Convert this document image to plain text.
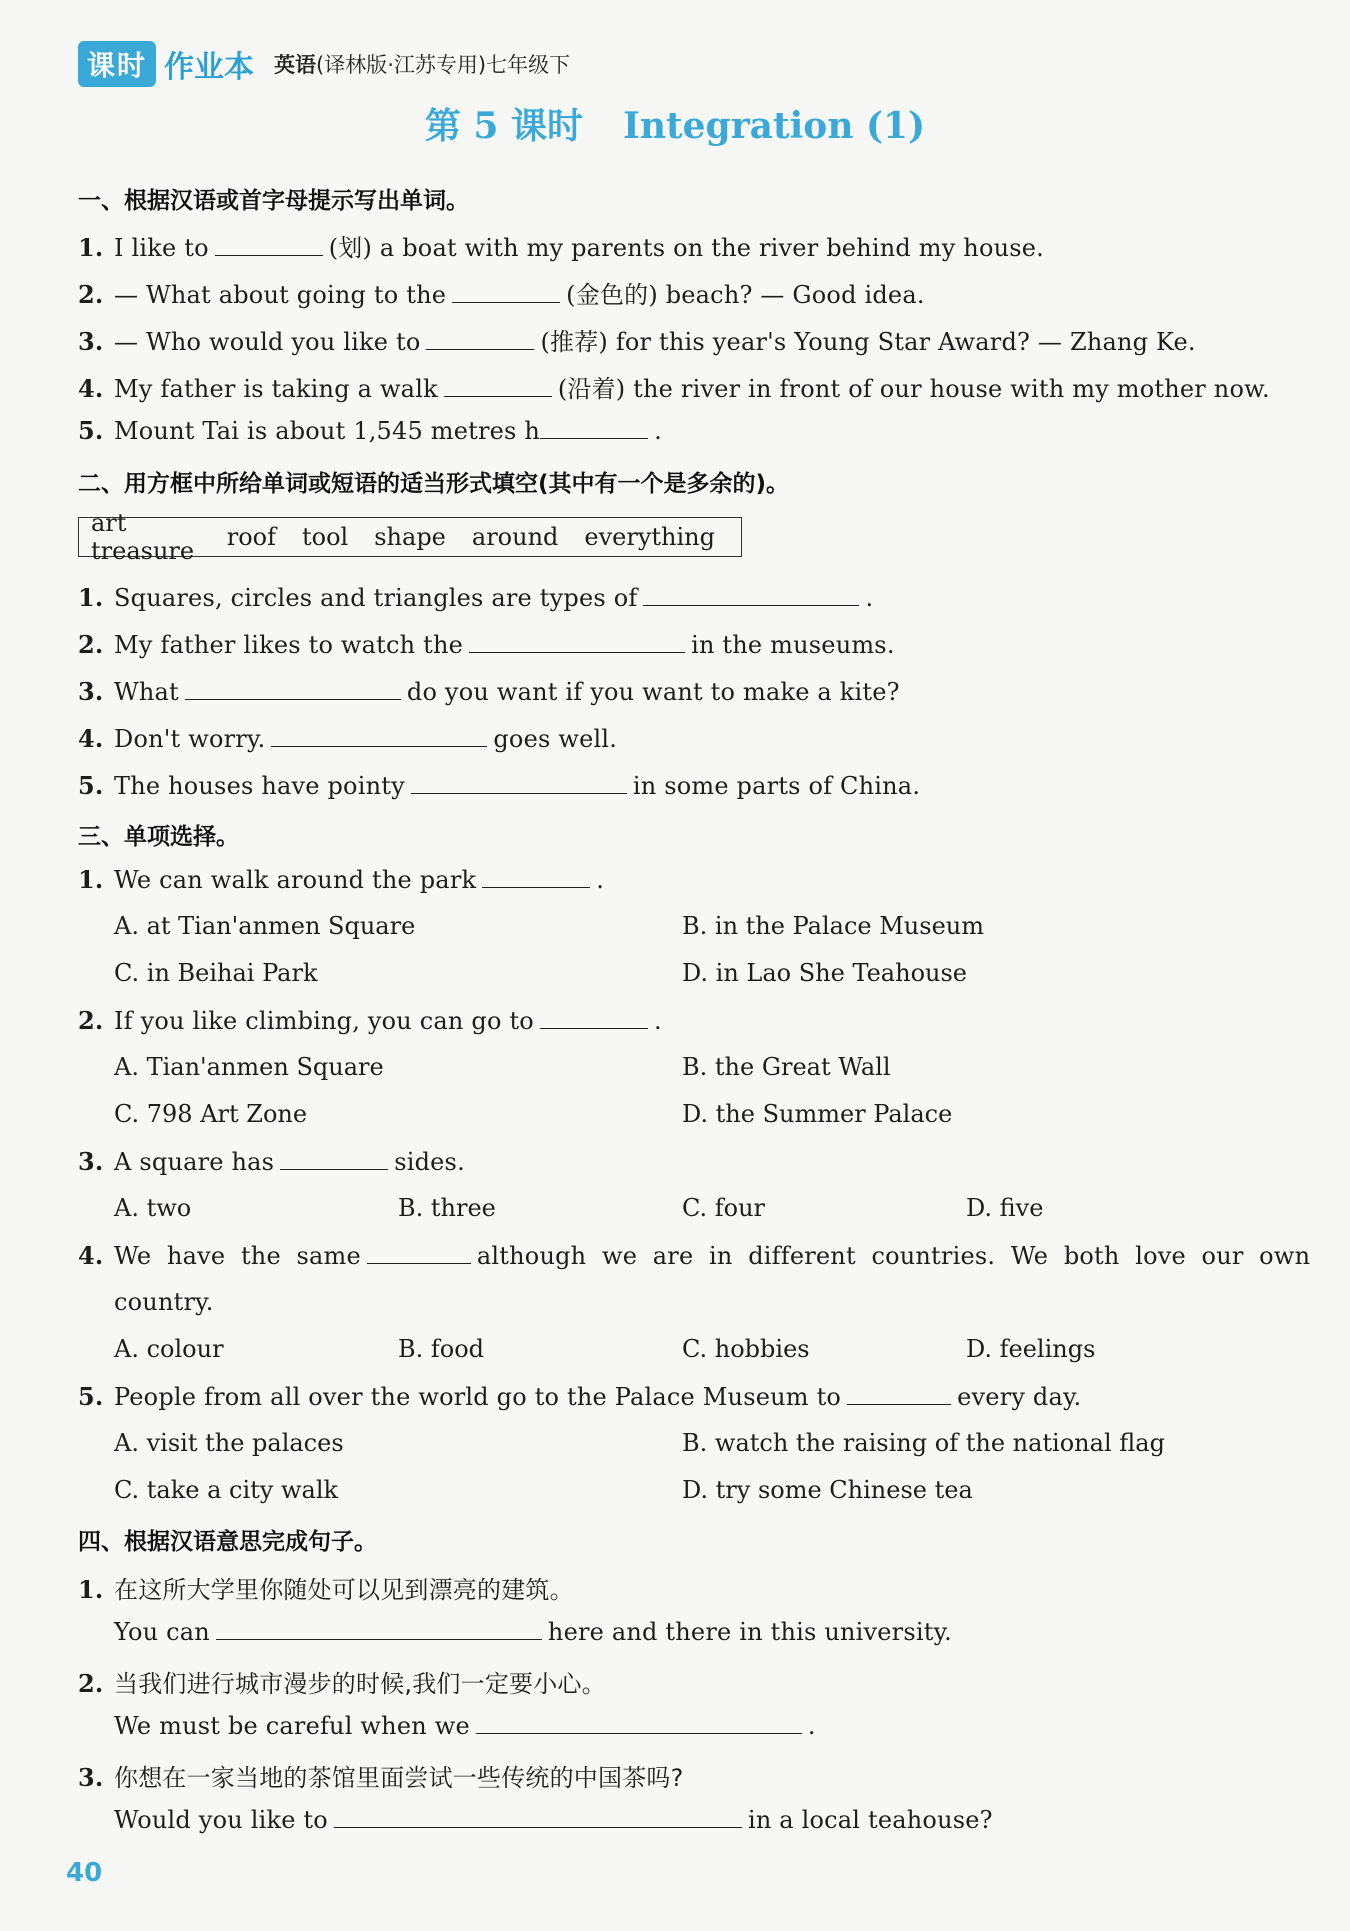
课时 作业本 英语(译林版·江苏专用)七年级下
第 5 课时 Integration (1)
一、根据汉语或首字母提示写出单词。
1. I like to	(划) a boat with my parents on the river behind my house.
2. — What about going to the	(金色的) beach? — Good idea.
3. — Who would you like to	(推荐) for this year's Young Star Award? — Zhang Ke.
4. My father is taking a walk	(沿着) the river in front of our house with my mother now.
5. Mount Tai is about 1,545 metres h	.
二、用方框中所给单词或短语的适当形式填空(其中有一个是多余的)。
art treasure roof tool shape around everything
1. Squares, circles and triangles are types of	.
2. My father likes to watch the	in the museums.
3. What	do you want if you want to make a kite?
4. Don't worry.	goes well.
5. The houses have pointy	in some parts of China.
三、单项选择。
1. We can walk around the park	.
A. at Tian'anmen Square	B. in the Palace Museum
C. in Beihai Park	D. in Lao She Teahouse
2. If you like climbing, you can go to	.
A. Tian'anmen Square	B. the Great Wall
C. 798 Art Zone	D. the Summer Palace
3. A square has	sides.
A. two	B. three	C. four	D. five
4. We  have  the  same	although  we  are  in  different  countries.  We  both  love  our  own
country.
A. colour	B. food	C. hobbies	D. feelings
5. People from all over the world go to the Palace Museum to	every day.
A. visit the palaces	B. watch the raising of the national flag
C. take a city walk	D. try some Chinese tea
四、根据汉语意思完成句子。
1. 在这所大学里你随处可以见到漂亮的建筑。
You can	here and there in this university.
2. 当我们进行城市漫步的时候,我们一定要小心。
We must be careful when we	.
3. 你想在一家当地的茶馆里面尝试一些传统的中国茶吗?
Would you like to	in a local teahouse?
40
